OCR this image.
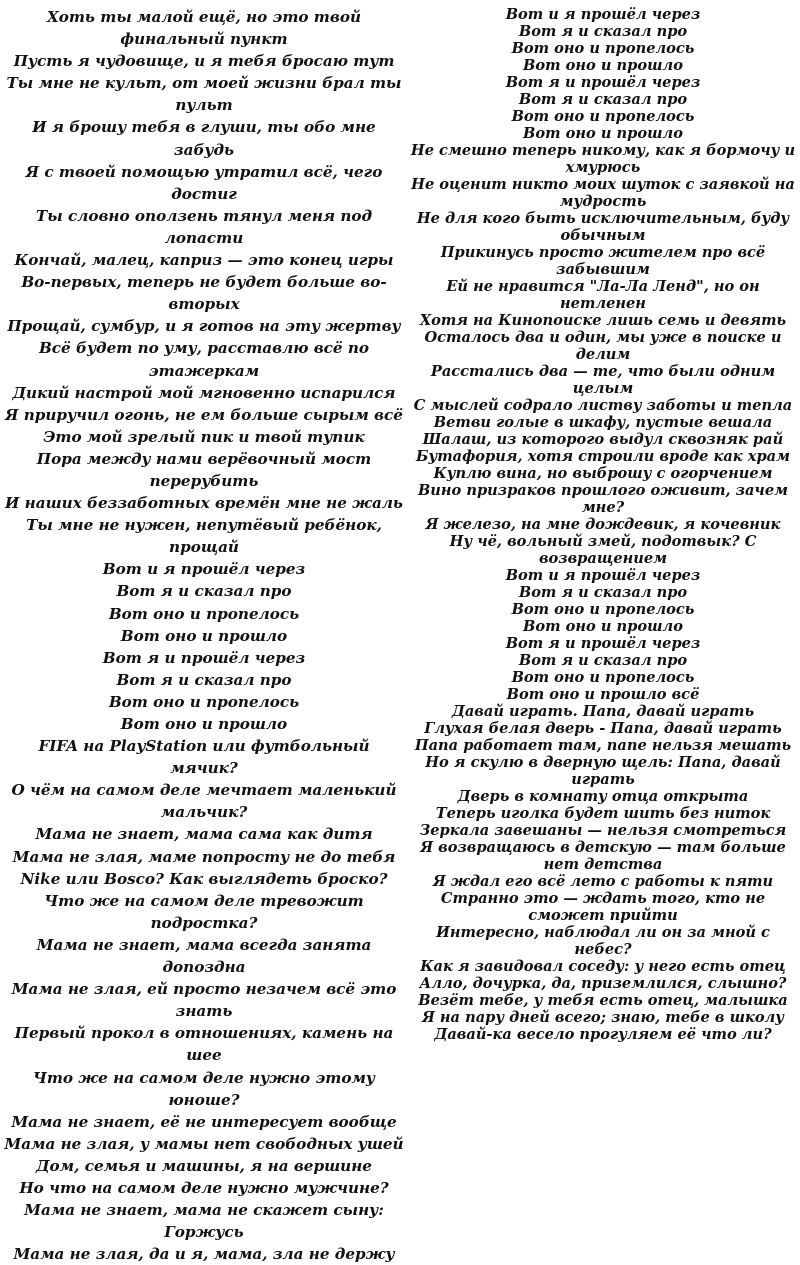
Хоть ты малой ещё, но это твой финальный пункт
Пусть я чудовище, и я тебя бросаю тут
Ты мне не культ, от моей жизни брал ты пульт
И я брошу тебя в глуши, ты обо мне забудь
Я с твоей помощью утратил всё, чего достиг
Ты словно оползень тянул меня под лопасти
Кончай, малец, каприз — это конец игры
Во-первых, теперь не будет больше во-вторых
Прощай, сумбур, и я готов на эту жертву
Всё будет по уму, расставлю всё по этажеркам
Дикий настрой мой мгновенно испарился
Я приручил огонь, не ем больше сырым всё
Это мой зрелый пик и твой тупик
Пора между нами верёвочный мост перерубить
И наших беззаботных времён мне не жаль
Ты мне не нужен, непутёвый ребёнок, прощай
Вот и я прошёл через
Вот я и сказал про
Вот оно и пропелось
Вот оно и прошло
Вот я и прошёл через
Вот я и сказал про
Вот оно и пропелось
Вот оно и прошло
FIFA на PlayStation или футбольный мячик?
О чём на самом деле мечтает маленький мальчик?
Мама не знает, мама сама как дитя
Мама не злая, маме попросту не до тебя
Nike или Bosco? Как выглядеть броско?
Что же на самом деле тревожит подростка?
Мама не знает, мама всегда занята допоздна
Мама не злая, ей просто незачем всё это знать
Первый прокол в отношениях, камень на шее
Что же на самом деле нужно этому юноше?
Мама не знает, её не интересует вообще
Мама не злая, у мамы нет свободных ушей
Дом, семья и машины, я на вершине
Но что на самом деле нужно мужчине?
Мама не знает, мама не скажет сыну: Горжусь
Мама не злая, да и я, мама, зла не держу
Вот и я прошёл через
Вот я и сказал про
Вот оно и пропелось
Вот оно и прошло
Вот я и прошёл через
Вот я и сказал про
Вот оно и пропелось
Вот оно и прошло
Не смешно теперь никому, как я бормочу и хмурюсь
Не оценит никто моих шуток с заявкой на мудрость
Не для кого быть исключительным, буду обычным
Прикинусь просто жителем про всё забывшим
Ей не нравится "Ла-Ла Ленд", но он нетленен
Хотя на Кинопоиске лишь семь и девять
Осталось два и один, мы уже в поиске и делим
Расстались два — те, что были одним целым
С мыслей содрало листву заботы и тепла
Ветви голые в шкафу, пустые вешала
Шалаш, из которого выдул сквозняк рай
Бутафория, хотя строили вроде как храм
Куплю вина, но выброшу с огорчением
Вино призраков прошлого оживит, зачем мне?
Я железо, на мне дождевик, я кочевник
Ну чё, вольный змей, подотвык? С возвращением
Вот и я прошёл через
Вот я и сказал про
Вот оно и пропелось
Вот оно и прошло
Вот я и прошёл через
Вот я и сказал про
Вот оно и пропелось
Вот оно и прошло всё
Давай играть. Папа, давай играть
Глухая белая дверь - Папа, давай играть
Папа работает там, папе нельзя мешать
Но я скулю в дверную щель: Папа, давай играть
Дверь в комнату отца открыта
Теперь иголка будет шить без ниток
Зеркала завешаны — нельзя смотреться
Я возвращаюсь в детскую — там больше нет детства
Я ждал его всё лето с работы к пяти
Странно это — ждать того, кто не сможет прийти
Интересно, наблюдал ли он за мной с небес?
Как я завидовал соседу: у него есть отец
Алло, дочурка, да, приземлился, слышно?
Везёт тебе, у тебя есть отец, малышка
Я на пару дней всего; знаю, тебе в школу
Давай-ка весело прогуляем её что ли?
